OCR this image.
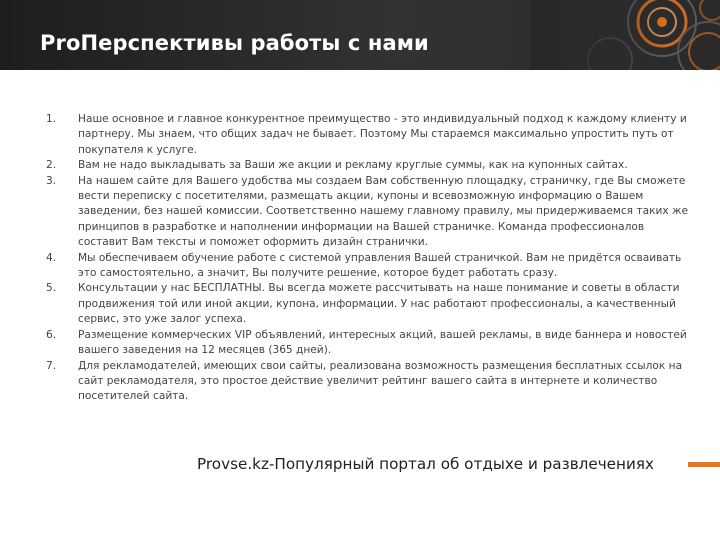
ProПерспективы работы с нами
1.	Наше основное и главное конкурентное преимущество - это индивидуальный подход к каждому клиенту и партнеру. Мы знаем, что общих задач не бывает. Поэтому Мы стараемся максимально упростить путь от покупателя к услуге.
2.	Вам не надо выкладывать за Ваши же акции и рекламу круглые суммы, как на купонных сайтах.
3.	На нашем сайте для Вашего удобства мы создаем Вам собственную площадку, страничку, где Вы сможете вести переписку с посетителями, размещать акции, купоны и всевозможную информацию о Вашем заведении, без нашей комиссии. Соответственно нашему главному правилу, мы придерживаемся таких же принципов в разработке и наполнении информации на Вашей страничке. Команда профессионалов составит Вам тексты и поможет оформить дизайн странички.
4.	Мы обеспечиваем обучение работе с системой управления Вашей страничкой. Вам не придётся осваивать это самостоятельно, а значит, Вы получите решение, которое будет работать сразу.
5.	Консультации у нас БЕСПЛАТНЫ. Вы всегда можете рассчитывать на наше понимание и советы в области продвижения той или иной акции, купона, информации. У нас работают профессионалы, а качественный сервис, это уже залог успеха.
6.	Размещение коммерческих VIP объявлений, интересных акций, вашей рекламы, в виде баннера и новостей вашего заведения на 12 месяцев (365 дней).
7.	Для рекламодателей, имеющих свои сайты, реализована возможность размещения бесплатных ссылок на сайт рекламодателя, это простое действие увеличит рейтинг вашего сайта в интернете и количество посетителей сайта.
Provse.kz-Популярный портал об отдыхе и развлечениях
